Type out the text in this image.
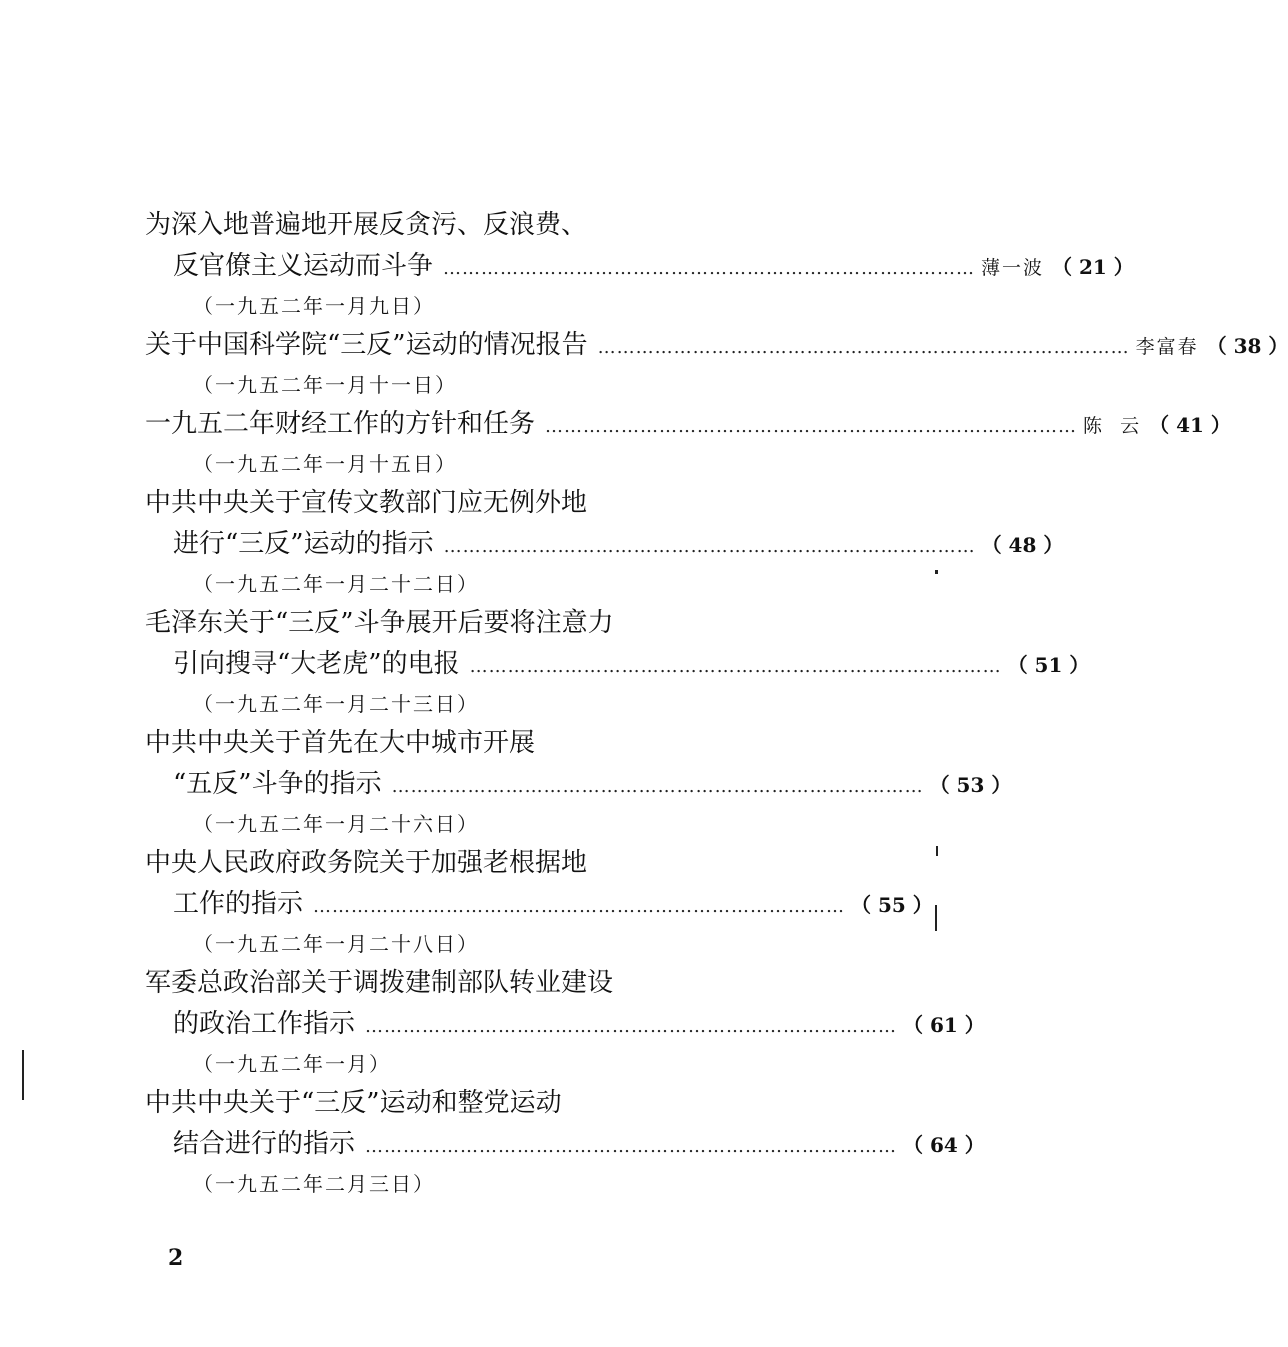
为深入地普遍地开展反贪污、反浪费、
反官僚主义运动而斗争 ………………………………………………………………………… 薄一波 （ 21 ）
（一九五二年一月九日）
关于中国科学院“三反”运动的情况报告 ………………………………………………………………………… 李富春 （ 38 ）
（一九五二年一月十一日）
一九五二年财经工作的方针和任务 ………………………………………………………………………… 陈  云 （ 41 ）
（一九五二年一月十五日）
中共中央关于宣传文教部门应无例外地
进行“三反”运动的指示 ………………………………………………………………………… （ 48 ）
（一九五二年一月二十二日）
毛泽东关于“三反”斗争展开后要将注意力
引向搜寻“大老虎”的电报 ………………………………………………………………………… （ 51 ）
（一九五二年一月二十三日）
中共中央关于首先在大中城市开展
“五反”斗争的指示 ………………………………………………………………………… （ 53 ）
（一九五二年一月二十六日）
中央人民政府政务院关于加强老根据地
工作的指示 ………………………………………………………………………… （ 55 ）
（一九五二年一月二十八日）
军委总政治部关于调拨建制部队转业建设
的政治工作指示 ………………………………………………………………………… （ 61 ）
（一九五二年一月）
中共中央关于“三反”运动和整党运动
结合进行的指示 ………………………………………………………………………… （ 64 ）
（一九五二年二月三日）
2
